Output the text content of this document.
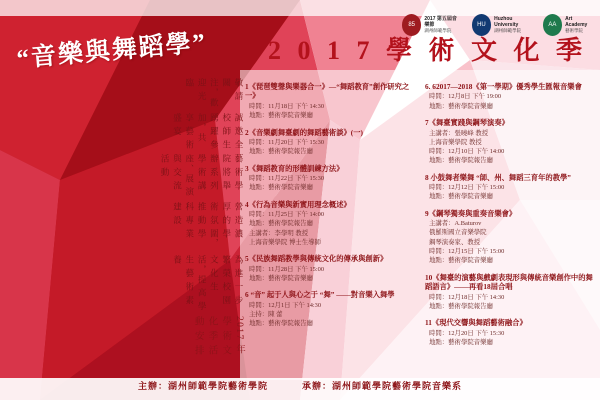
85
2017 第五屆音樂節
湖州師範學院
HU
Huzhou University
湖州師範學院
AA
Art Academy
藝術學院
“音樂與舞蹈學”	2 0 1 7 學 術 文 化 季
2017 年 學 術 文 化 季 活 動 安 排
為 進 一 步 繁 榮 校 園 文 化 生 活，提 高 學 生 藝 術 素 養
營 造 濃 厚 的 學 術 氛 圍，推 動 學 科 專 業 建 設
藝 術 學 院 將 舉 辦 系 列 學 術 講 座、展 演 與 交 流 活 動
誠 邀 全 校 師 生 踴 躍 參 加，共 享 藝 術 盛 宴
敬 請 關 注，歡 迎 光 臨	1《琵琶雙聲與樂器合一》—“舞蹈教育”創作研究之一》
時間：11月18日 下午 14:30
地點：藝術學院音樂廳
2《音樂劇舞臺劇的舞蹈藝術談》(一)
時間：11月20日 下午 15:30
地點：藝術學院報告廳
3《舞蹈教育的形體訓練方法》
時間：11月22日 下午 15:30
地點：藝術學院音樂廳
4《行為音樂與新實用理念概述》
時間：11月25日 下午 14:00
地點：藝術學院報告廳
主講者：李學明 教授
上海音樂學院 博士生導師
5《民族舞蹈教學與傳統文化的傳承與創新》
時間：11月28日 下午 15:00
地點：藝術學院音樂廳
6 “音” 起于人與心之于 “舞” ——對音樂入舞學
時間：12月1日 下午 14:30
主持：陳 蕾
地點：藝術學院報告廳
6. 62017—2018《第一學期》優秀學生匯報音樂會
時間：12月8日 下午 19:00
地點：藝術學院音樂廳
7《舞臺實踐與鋼琴演奏》
主講者：張曉峰 教授
上海音樂學院 教授
時間：12月10日 下午 14:00
地點：藝術學院報告廳
8 小鼓舞者樂舞 “師、州、舞蹈三育年的教學”
時間：12月12日 下午 15:00
地點：藝術學院音樂廳
9《鋼琴獨奏與重奏音樂會》
主講者：A.Baturov
俄羅斯國立音樂學院
鋼琴演奏家、教授
時間：12月15日 下午 15:00
地點：藝術學院音樂廳
10《舞臺的演藝與戲劇表現形與傳統音樂創作中的舞蹈語言》——再看18屆合唱
時間：12月18日 下午 14:30
地點：藝術學院報告廳
11《現代交響與舞蹈藝術融合》
時間：12月20日 下午 15:30
地點：藝術學院音樂廳
主辦：湖州師範學院藝術學院	承辦：湖州師範學院藝術學院音樂系
